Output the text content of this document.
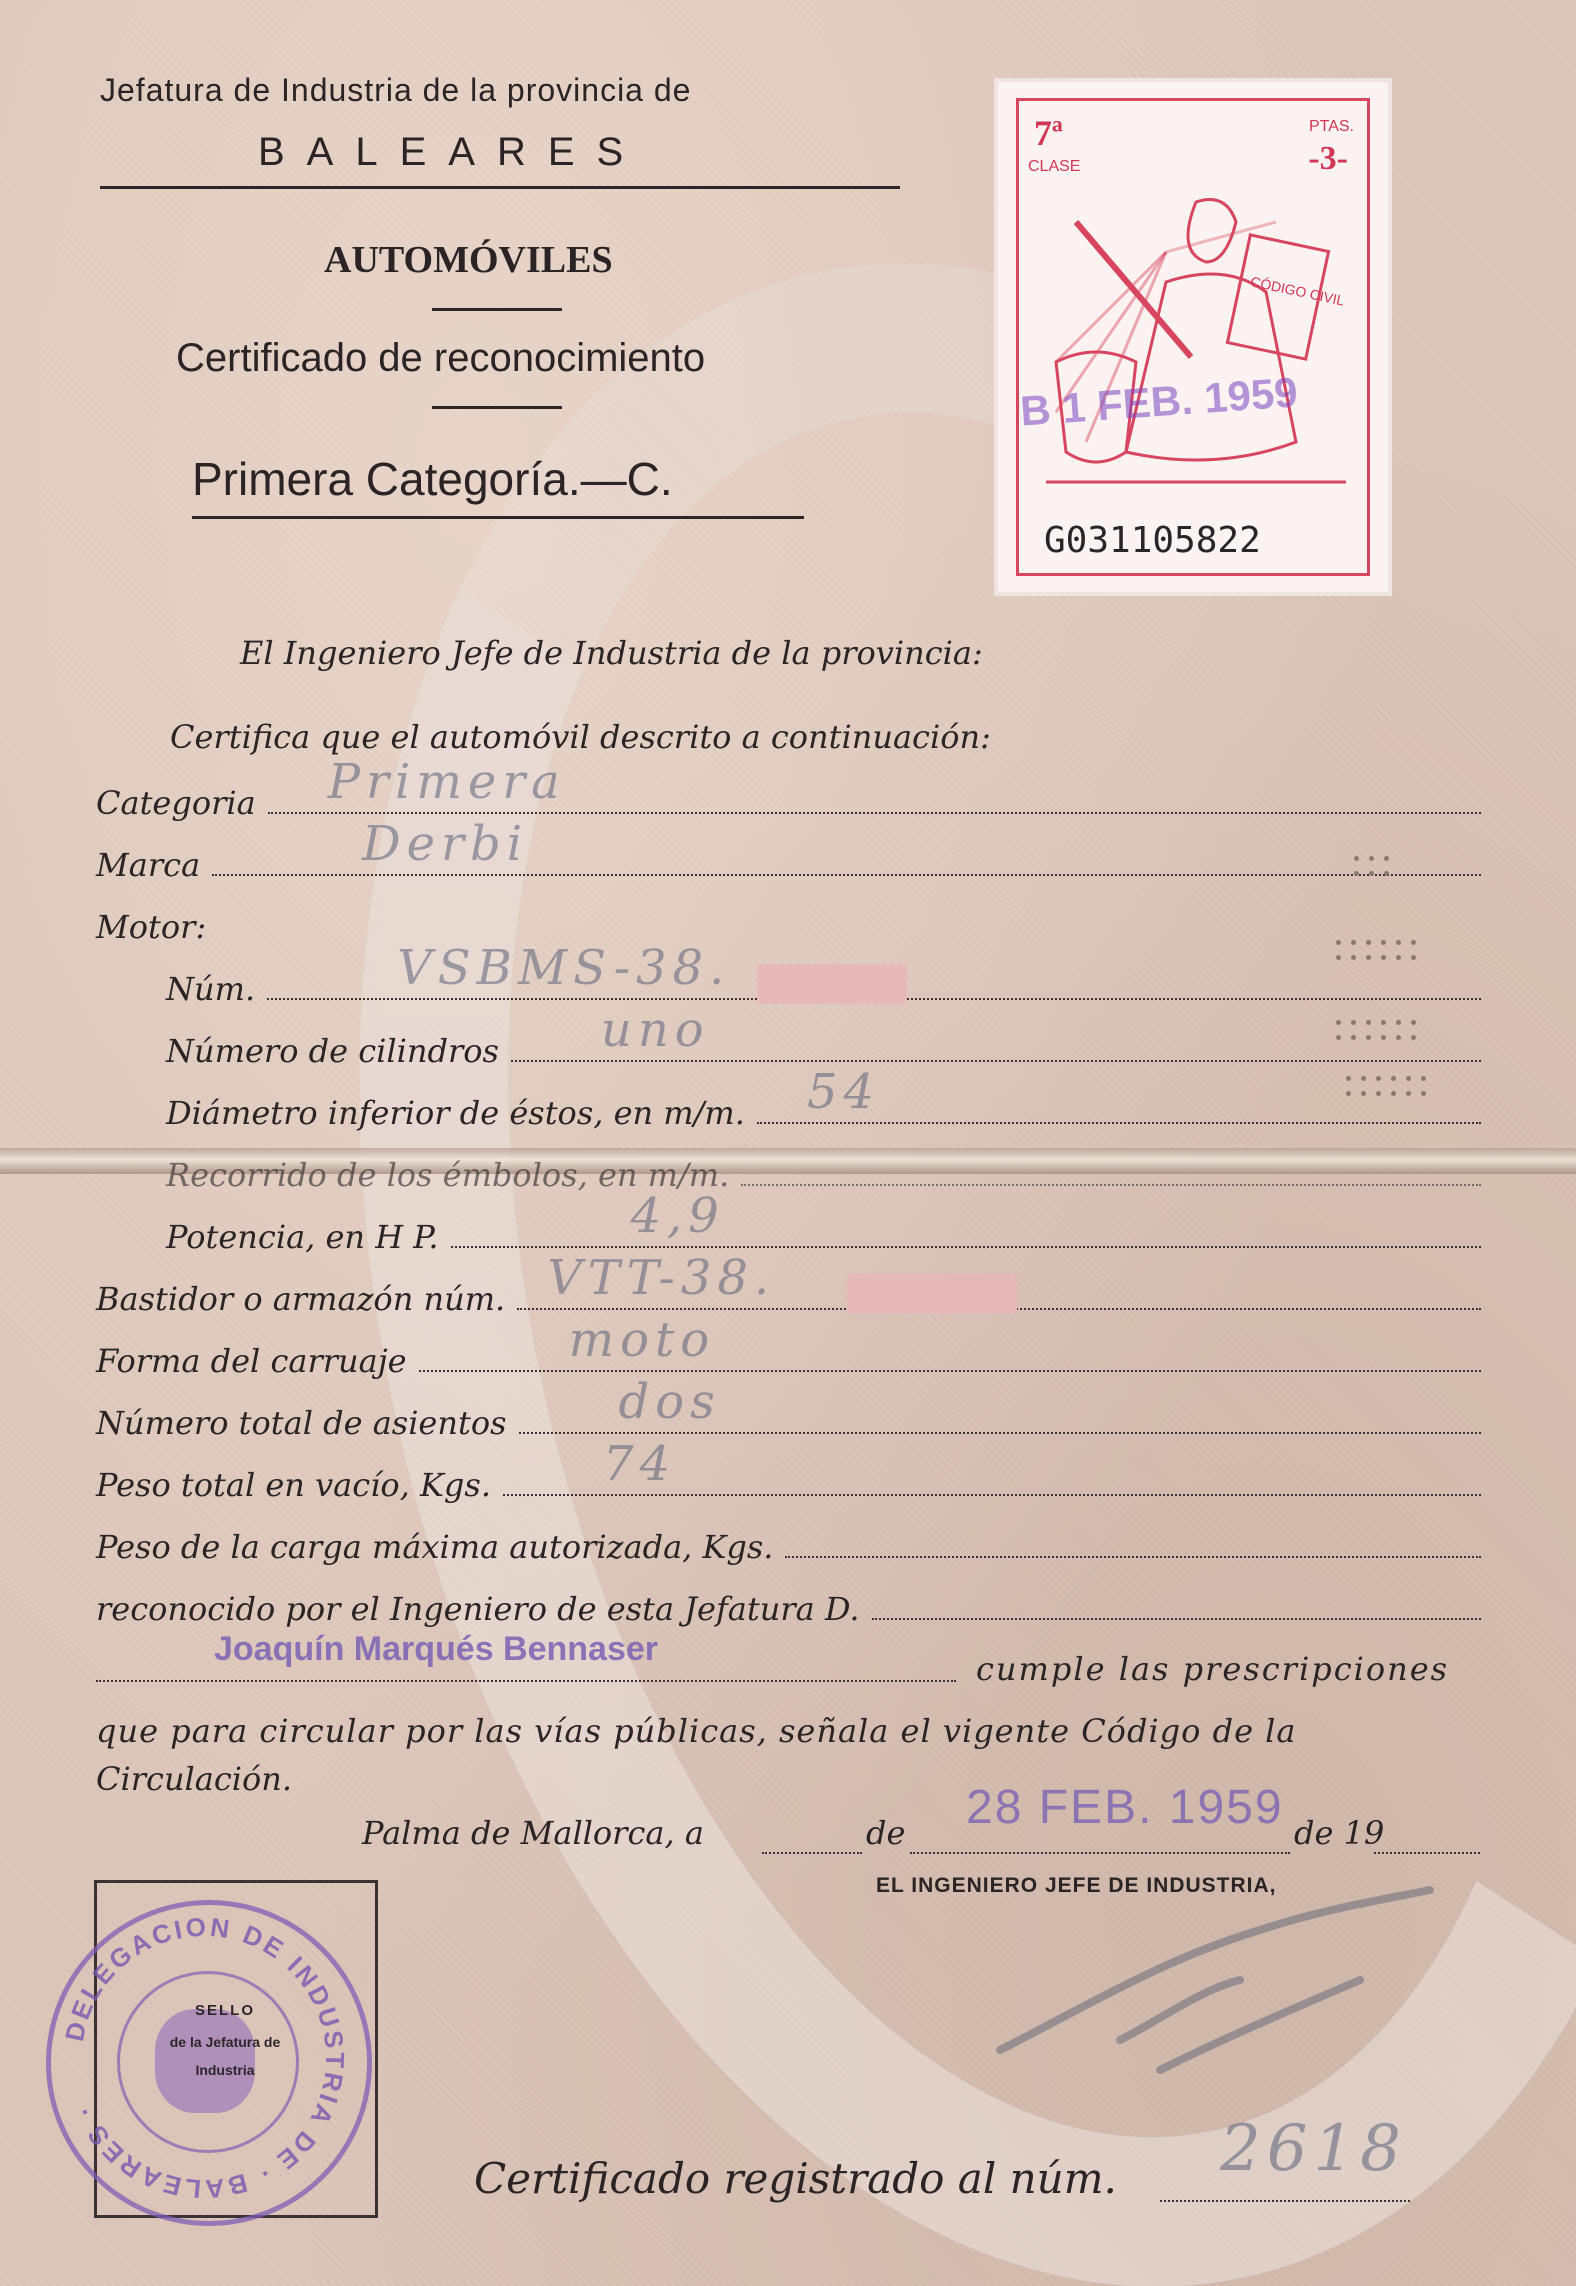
Jefatura de Industria de la provincia de
BALEARES
AUTOMÓVILES
Certificado de reconocimiento
Primera Categoría.—C.
7ª
CLASE
PTAS.
-3-
CÓDIGO CIVIL
B 1 FEB. 1959
G031105822
El Ingeniero Jefe de Industria de la provincia:
Certifica que el automóvil descrito a continuación:
Categoria Primera
Marca	Derbi
Motor:
Núm.	VSBMS-38.
Número de cilindros uno
Diámetro inferior de éstos, en m/m. 54
Recorrido de los émbolos, en m/m.
Potencia, en H P.	4,9
Bastidor o armazón núm. VTT-38.
Forma del carruaje	moto
Número total de asientos dos
Peso total en vacío, Kgs. 74
Peso de la carga máxima autorizada, Kgs.
reconocido por el Ingeniero de esta Jefatura D.
Joaquín Marqués Bennaser
cumple las prescripciones
que para circular por las vías públicas, señala el vigente Código de la
Circulación.
Palma de Mallorca, a	de	de 19
28 FEB. 1959
EL INGENIERO JEFE DE INDUSTRIA,
DELEGACION DE INDUSTRIA DE · BALEARES ·
SELLO
de la Jefatura de
Industria
Certificado registrado al núm. 2618
